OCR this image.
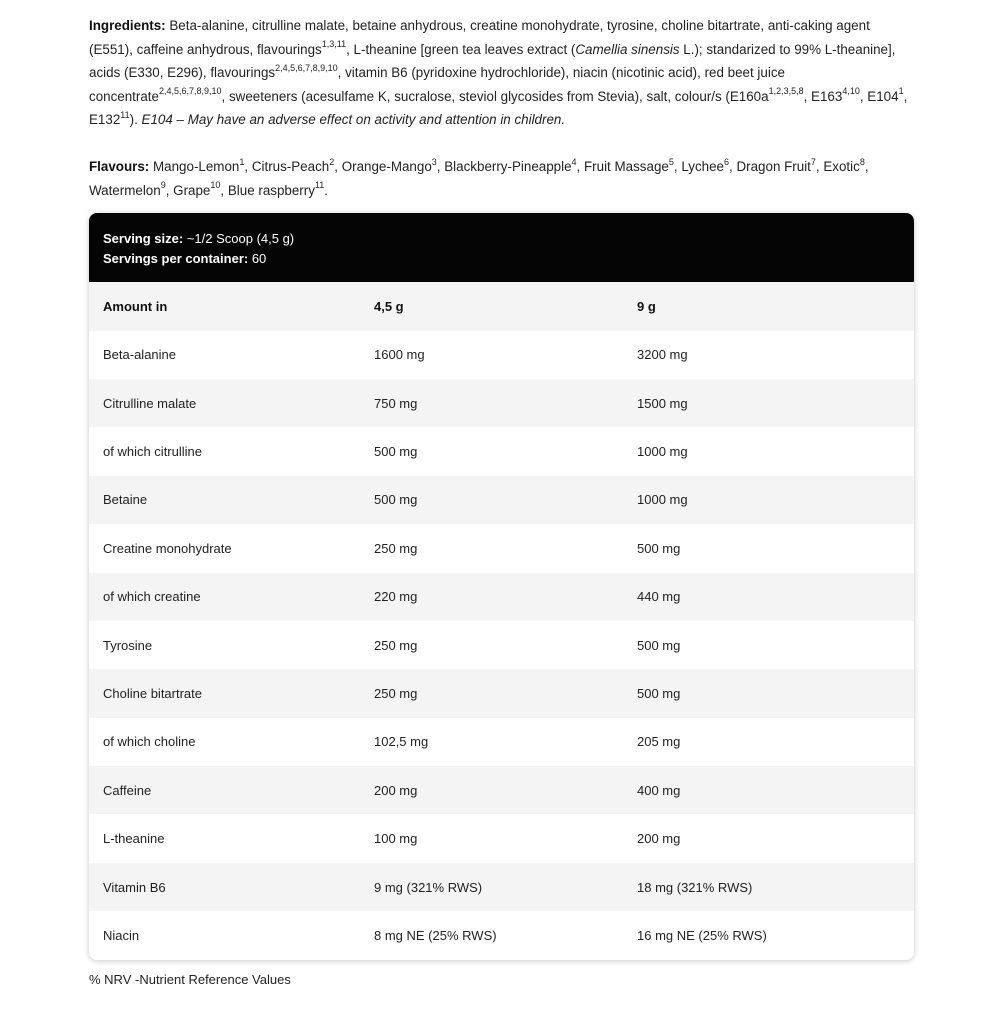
Ingredients: Beta-alanine, citrulline malate, betaine anhydrous, creatine monohydrate, tyrosine, choline bitartrate, anti-caking agent (E551), caffeine anhydrous, flavourings$^{1,3,11}$, L-theanine [green tea leaves extract (Camellia sinensis L.); standarized to 99% L-theanine], acids (E330, E296), flavourings$^{2,4,5,6,7,8,9,10}$, vitamin B6 (pyridoxine hydrochloride), niacin (nicotinic acid), red beet juice concentrate$^{2,4,5,6,7,8,9,10}$, sweeteners (acesulfame K, sucralose, steviol glycosides from Stevia), salt, colour/s ($E160a^{1,2,3,5,8}$, E163$^{4,10}$, $E104^1$, $E132^{11}$). E104 – May have an adverse effect on activity and attention in children.

Flavours: Mango-Lemon$^1$, Citrus-Peach$^2$, Orange-Mango$^3$, Blackberry-Pineapple$^4$, Fruit Massage$^5$, Lychee$^6$, Dragon Fruit$^7$, Exotic$^8$, Watermelon$^9$, Grape$^{10}$, Blue raspberry$^{11}$.

Serving size: ~1/2 Scoop (4,5 g)
Servings per container: 60
Amount in	4,5 g	9 g
Beta-alanine	1600 mg	3200 mg
Citrulline malate	750 mg	1500 mg
of which citrulline	500 mg	1000 mg
Betaine	500 mg	1000 mg
Creatine monohydrate	250 mg	500 mg
of which creatine	220 mg	440 mg
Tyrosine	250 mg	500 mg
Choline bitartrate	250 mg	500 mg
of which choline	102,5 mg	205 mg
Caffeine	200 mg	400 mg
L-theanine	100 mg	200 mg
Vitamin B6	9 mg (321% RWS)	18 mg (321% RWS)
Niacin	8 mg NE (25% RWS)	16 mg NE (25% RWS)
% NRV -Nutrient Reference Values
